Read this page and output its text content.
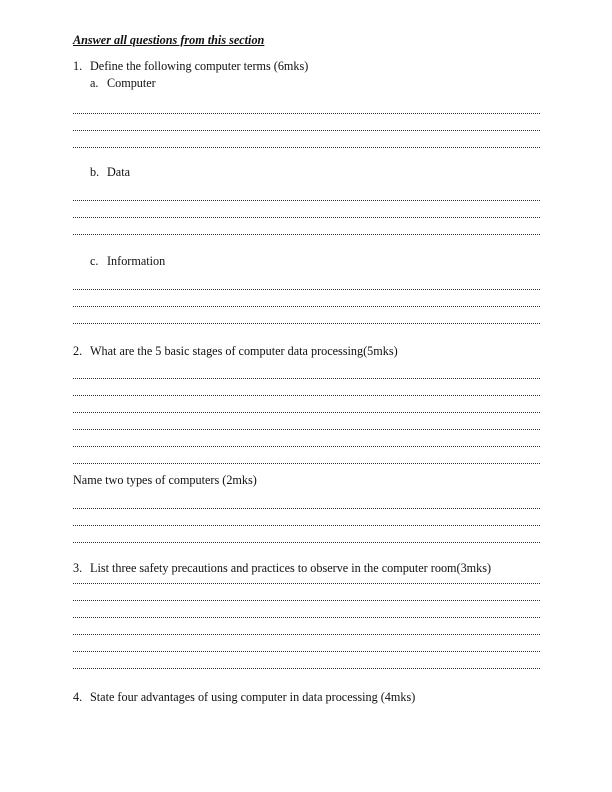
Answer all questions from this section
1. Define the following computer terms (6mks)
a. Computer
b. Data
c. Information
2. What are the 5 basic stages of computer data processing(5mks)
Name two types of computers (2mks)
3. List three safety precautions and practices to observe in the computer room(3mks)
4. State four advantages of using computer in data processing (4mks)
